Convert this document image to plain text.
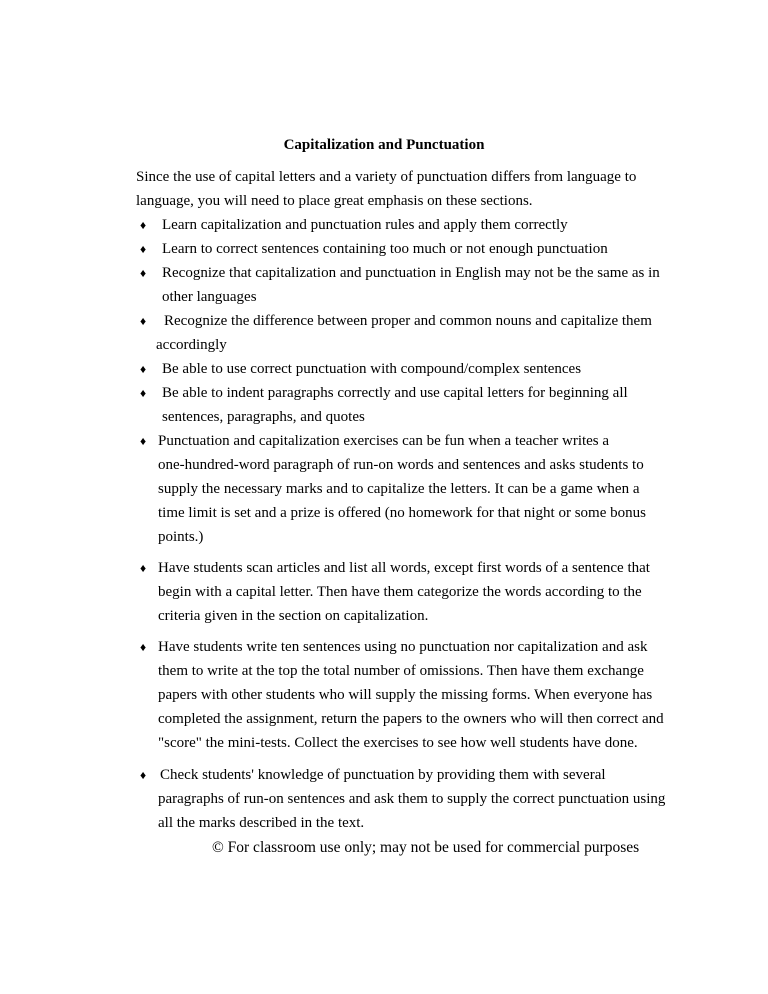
Capitalization and Punctuation
Since the use of capital letters and a variety of punctuation differs from language to
language, you will need to place great emphasis on these sections.
♦ Learn capitalization and punctuation rules and apply them correctly
♦ Learn to correct sentences containing too much or not enough punctuation
♦ Recognize that capitalization and punctuation in English may not be the same as in
other languages
♦ Recognize the difference between proper and common nouns and capitalize them
accordingly
♦ Be able to use correct punctuation with compound/complex sentences
♦ Be able to indent paragraphs correctly and use capital letters for beginning all
sentences, paragraphs, and quotes
♦ Punctuation and capitalization exercises can be fun when a teacher writes a
one-hundred-word paragraph of run-on words and sentences and asks students to
supply the necessary marks and to capitalize the letters. It can be a game when a
time limit is set and a prize is offered (no homework for that night or some bonus
points.)
♦ Have students scan articles and list all words, except first words of a sentence that
begin with a capital letter. Then have them categorize the words according to the
criteria given in the section on capitalization.
♦ Have students write ten sentences using no punctuation nor capitalization and ask
them to write at the top the total number of omissions. Then have them exchange
papers with other students who will supply the missing forms. When everyone has
completed the assignment, return the papers to the owners who will then correct and
"score" the mini-tests. Collect the exercises to see how well students have done.
♦ Check students' knowledge of punctuation by providing them with several
paragraphs of run-on sentences and ask them to supply the correct punctuation using
all the marks described in the text.
© For classroom use only; may not be used for commercial purposes
